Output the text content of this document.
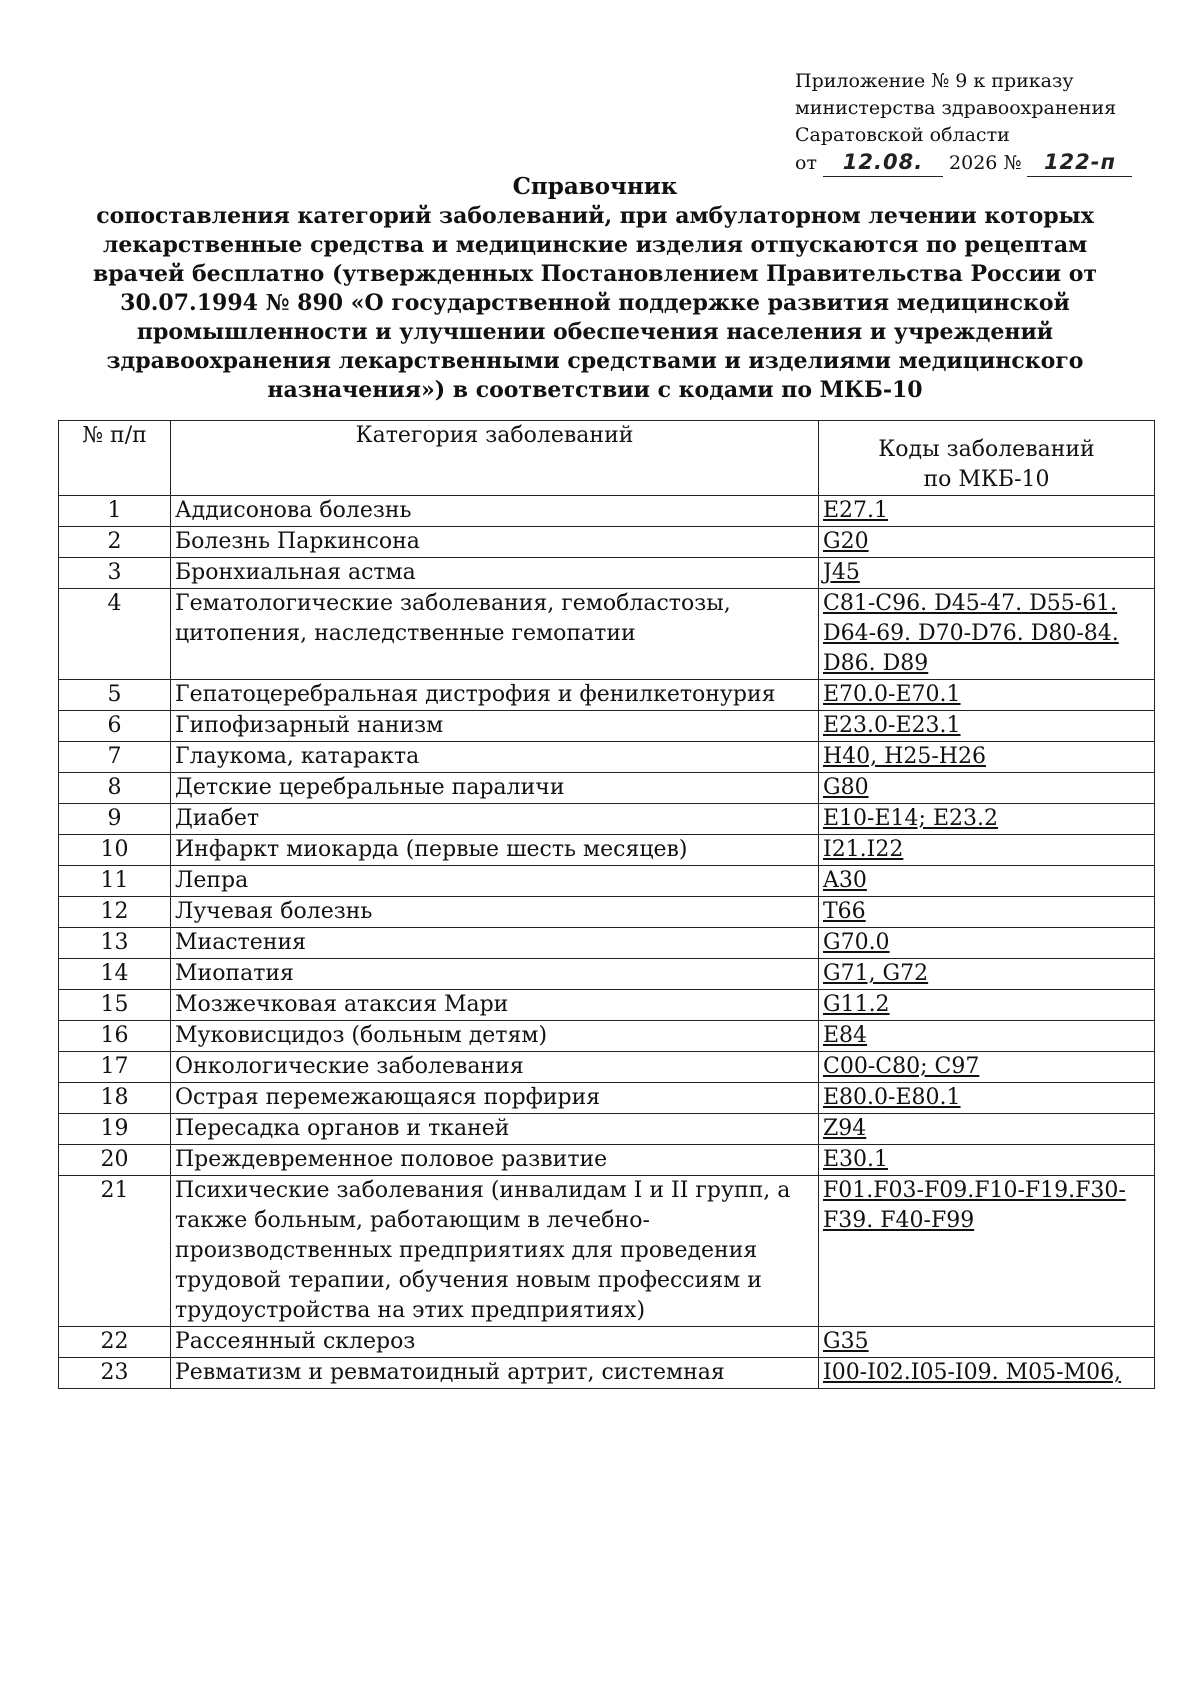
Приложение № 9 к приказу
министерства здравоохранения
Саратовской области
от 12.08. 2026 № 122-п
Справочник
сопоставления категорий заболеваний, при амбулаторном лечении которых
лекарственные средства и медицинские изделия отпускаются по рецептам
врачей бесплатно (утвержденных Постановлением Правительства России от
30.07.1994 № 890 «О государственной поддержке развития медицинской
промышленности и улучшении обеспечения населения и учреждений
здравоохранения лекарственными средствами и изделиями медицинского
назначения») в соответствии с кодами по МКБ-10
№ п/п	Категория заболеваний	Коды заболеваний
по МКБ-10

1	Аддисонова болезнь	E27.1
2	Болезнь Паркинсона	G20
3	Бронхиальная астма	J45
4	Гематологические заболевания, гемобластозы, цитопения, наследственные гемопатии	C81-C96. D45-47. D55-61. D64-69. D70-D76. D80-84. D86. D89
5	Гепатоцеребральная дистрофия и фенилкетонурия	E70.0-E70.1
6	Гипофизарный нанизм	E23.0-E23.1
7	Глаукома, катаракта	H40, H25-H26
8	Детские церебральные параличи	G80
9	Диабет	E10-E14; E23.2
10	Инфаркт миокарда (первые шесть месяцев)	I21.I22
11	Лепра	A30
12	Лучевая болезнь	T66
13	Миастения	G70.0
14	Миопатия	G71, G72
15	Мозжечковая атаксия Мари	G11.2
16	Муковисцидоз (больным детям)	E84
17	Онкологические заболевания	C00-C80; C97
18	Острая перемежающаяся порфирия	E80.0-E80.1
19	Пересадка органов и тканей	Z94
20	Преждевременное половое развитие	E30.1
21	Психические заболевания (инвалидам I и II групп, а также больным, работающим в лечебно-производственных предприятиях для проведения трудовой терапии, обучения новым профессиям и трудоустройства на этих предприятиях)	F01.F03-F09.F10-F19.F30-F39. F40-F99
22	Рассеянный склероз	G35
23	Ревматизм и ревматоидный артрит, системная	I00-I02.I05-I09. M05-M06,
